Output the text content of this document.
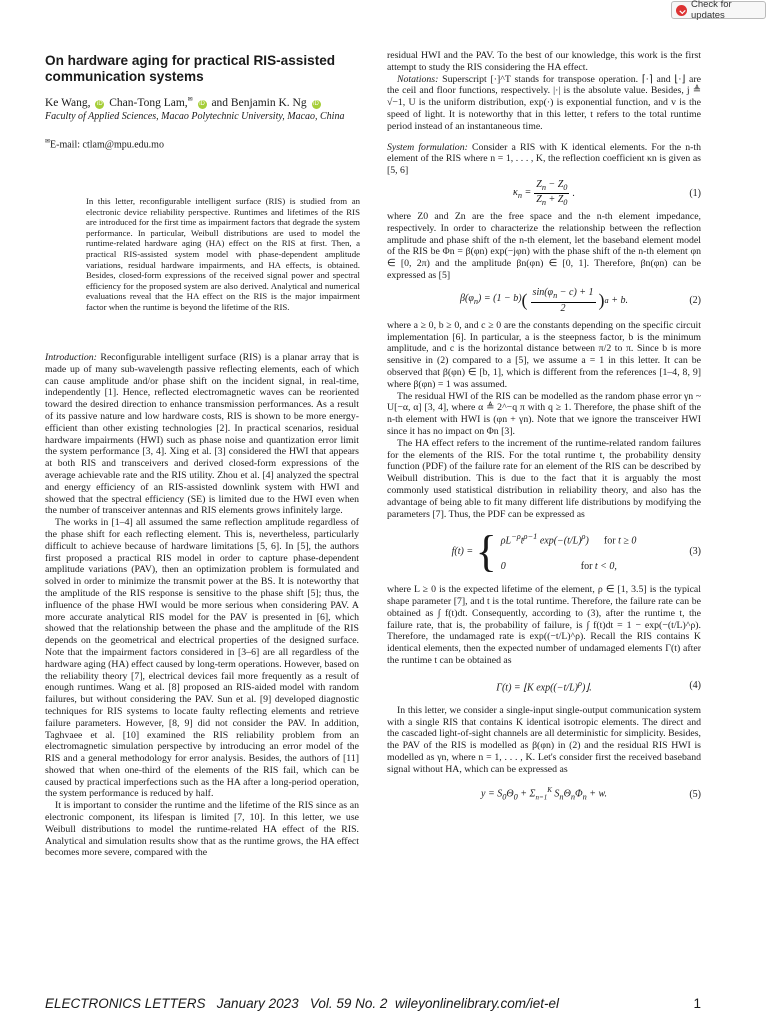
Check for updates
On hardware aging for practical RIS-assisted communication systems
Ke Wang, iD Chan-Tong Lam,✉ iD and Benjamin K. Ng iD
Faculty of Applied Sciences, Macao Polytechnic University, Macao, China
✉E-mail: ctlam@mpu.edu.mo
In this letter, reconfigurable intelligent surface (RIS) is studied from an electronic device reliability perspective. Runtimes and lifetimes of the RIS are introduced for the first time as impairment factors that degrade the system performance. In particular, Weibull distributions are used to model the runtime-related hardware aging (HA) effect on the RIS at first. Then, a practical RIS-assisted system model with phase-dependent amplitude variations, residual hardware impairments, and HA effects, is obtained. Besides, closed-form expressions of the received signal power and spectral efficiency for the proposed system are also derived. Analytical and numerical evaluations reveal that the HA effect on the RIS is the major impairment factor when the runtime is beyond the lifetime of the RIS.

Introduction: Reconfigurable intelligent surface (RIS) is a planar array that is made up of many sub-wavelength passive reflecting elements, each of which can cause amplitude and/or phase shift on the incident signal, in real-time, independently [1]. Hence, reflected electromagnetic waves can be reoriented toward the desired direction to enhance transmission performances. As a result of its passive nature and low hardware costs, RIS is shown to be more energy-efficient than other existing technologies [2]. In practical scenarios, residual hardware impairments (HWI) such as phase noise and quantization error limit the system performance [3, 4]. Xing et al. [3] considered the HWI that appears at both RIS and transceivers and derived closed-form expressions of the average achievable rate and the RIS utility. Zhou et al. [4] analyzed the spectral and energy efficiency of an RIS-assisted downlink system with HWI and showed that the spectral efficiency (SE) is limited due to the HWI even when the number of transceiver antennas and RIS elements grows infinitely large.

The works in [1–4] all assumed the same reflection amplitude regardless of the phase shift for each reflecting element. This is, nevertheless, particularly difficult to achieve because of hardware limitations [5, 6]. In [5], the authors first proposed a practical RIS model in order to capture phase-dependent amplitude variations (PAV), then an optimization problem is formulated and solved in order to minimize the transmit power at the BS. It is noteworthy that the amplitude of the RIS response is sensitive to the phase shift [5]; thus, the influence of the phase HWI would be more serious when considering PAV. A more accurate analytical RIS model for the PAV is presented in [6], which showed that the relationship between the phase and the amplitude of the RIS depends on the geometrical and electrical properties of the designed surface. Note that the impairment factors considered in [3–6] are all regardless of the hardware aging (HA) effect caused by long-term operations. However, based on the reliability theory [7], electrical devices fail more frequently as a result of enough runtimes. Wang et al. [8] proposed an RIS-aided model with random failures, but without considering the PAV. Sun et al. [9] developed diagnostic techniques for RIS systems to locate faulty reflecting elements and retrieve failure parameters. However, [8, 9] did not consider the PAV. In addition, Taghvaee et al. [10] examined the RIS reliability problem from an electromagnetic simulation perspective by introducing an error model of the RIS and a general methodology for error analysis. Besides, the authors of [11] showed that when one-third of the elements of the RIS fail, which can be caused by practical imperfections such as the HA after a long-period operation, the system performance is reduced by half.

It is important to consider the runtime and the lifetime of the RIS since as an electronic component, its lifespan is limited [7, 10]. In this letter, we use Weibull distributions to model the runtime-related HA effect of the RIS. Analytical and simulation results show that as the runtime grows, the HA effect becomes more severe, compared with the

residual HWI and the PAV. To the best of our knowledge, this work is the first attempt to study the RIS considering the HA effect.

Notations: Superscript [·]^T stands for transpose operation. ⌈·⌉ and ⌊·⌋ are the ceil and floor functions, respectively. |·| is the absolute value. Besides, j ≜ √−1, U is the uniform distribution, exp(·) is exponential function, and v is the speed of light. It is noteworthy that in this letter, t refers to the total runtime period instead of an instantaneous time.

System formulation: Consider a RIS with K identical elements. For the n-th element of the RIS where n = 1, . . . , K, the reflection coefficient κn is given as [5, 6]

$\kappa_n = \frac{Z_n - Z_0}{Z_n + Z_0}$ .	(1)

where Z0 and Zn are the free space and the n-th element impedance, respectively. In order to characterize the relationship between the reflection amplitude and phase shift of the n-th element, let the baseband element model of the RIS be Φn = β(φn) exp(−jφn) with the phase shift of the n-th element φn ∈ [0, 2π) and the amplitude βn(φn) ∈ [0, 1]. Therefore, βn(φn) can be expressed as [5]

$\beta(\varphi_n) = (1 - b)$ ( $\frac{\sin(\varphi_n - c) + 1}{2}$ ) a + b.	(2)

where a ≥ 0, b ≥ 0, and c ≥ 0 are the constants depending on the specific circuit implementation [6]. In particular, a is the steepness factor, b is the minimum amplitude, and c is the horizontal distance between π/2 to π. Since b is more sensitive in (2) compared to a [5], we assume a = 1 in this letter. It can be observed that β(φn) ∈ [b, 1], which is different from the references [1–4, 8, 9] where β(φn) = 1 was assumed.

The residual HWI of the RIS can be modelled as the random phase error γn ~ U[−α, α] [3, 4], where α ≜ 2^−q π with q ≥ 1. Therefore, the phase shift of the n-th element with HWI is (φn + γn). Note that we ignore the transceiver HWI since it has no impact on Φn [3].

The HA effect refers to the increment of the runtime-related random failures for the elements of the RIS. For the total runtime t, the probability density function (PDF) of the failure rate for an element of the RIS can be described by Weibull distribution. This is due to the fact that it is arguably the most commonly used statistical distribution in reliability theory, and also has the advantage of being able to fit many different life distributions by modifying the parameters [7]. Thus, the PDF can be expressed as

f(t) = { $\rho L^{-\rho}t^{\rho-1}$ $\exp(-(t/L)^\rho)$      for t ≥ 0
0                              for t < 0,
(3)

where L ≥ 0 is the expected lifetime of the element, ρ ∈ [1, 3.5] is the typical shape parameter [7], and t is the total runtime. Therefore, the failure rate can be obtained as ∫ f(t)dt. Consequently, according to (3), after the runtime t, the failure rate, that is, the probability of failure, is ∫ f(t)dt = 1 − exp(−(t/L)^ρ). Therefore, the undamaged rate is exp((−t/L)^ρ). Recall the RIS contains K identical elements, then the expected number of undamaged elements Γ(t) after the runtime t can be obtained as

Γ(t) = ⌊K $\exp((-t/L)^\rho)⌋$.	(4)

In this letter, we consider a single-input single-output communication system with a single RIS that contains K identical isotropic elements. The direct and the cascaded light-of-sight channels are all deterministic for simplicity. Besides, the PAV of the RIS is modelled as β(φn) in (2) and the residual RIS HWI is modelled as γn, where n = 1, . . . , K. Let's consider first the received baseband signal without HA, which can be expressed as

$y = S_0\Theta_0 + \Sigma_{n=1}^K$ $S_n\Theta_n\Phi_n + w$.	(5)
ELECTRONICS LETTERS January 2023 Vol. 59 No. 2 wileyonlinelibrary.com/iet-el	1
